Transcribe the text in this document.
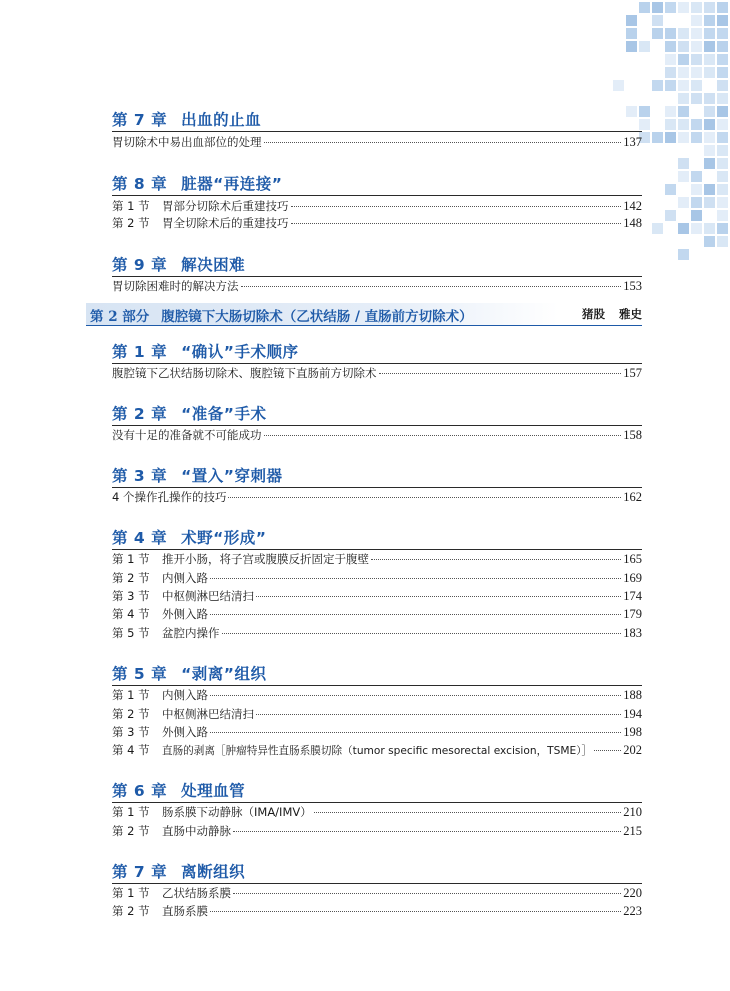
第 7 章 出血的止血
胃切除术中易出血部位的处理	137
第 8 章 脏器“再连接”
第 1 节	胃部分切除术后重建技巧	142
第 2 节	胃全切除术后的重建技巧	148
第 9 章 解决困难
胃切除困难时的解决方法	153
第 2 部分 腹腔镜下大肠切除术（乙状结肠 / 直肠前方切除术）	猪股 雅史
第 1 章 “确认”手术顺序
腹腔镜下乙状结肠切除术、腹腔镜下直肠前方切除术	157
第 2 章 “准备”手术
没有十足的准备就不可能成功	158
第 3 章 “置入”穿刺器
4 个操作孔操作的技巧	162
第 4 章 术野“形成”
第 1 节	推开小肠，将子宫或腹膜反折固定于腹壁	165
第 2 节	内侧入路	169
第 3 节	中枢侧淋巴结清扫	174
第 4 节	外侧入路	179
第 5 节	盆腔内操作	183
第 5 章 “剥离”组织
第 1 节	内侧入路	188
第 2 节	中枢侧淋巴结清扫	194
第 3 节	外侧入路	198
第 4 节	直肠的剥离［肿瘤特异性直肠系膜切除（tumor specific mesorectal excision，TSME）］ 202
第 6 章 处理血管
第 1 节	肠系膜下动静脉（IMA/IMV）	210
第 2 节	直肠中动静脉	215
第 7 章 离断组织
第 1 节	乙状结肠系膜	220
第 2 节	直肠系膜	223
